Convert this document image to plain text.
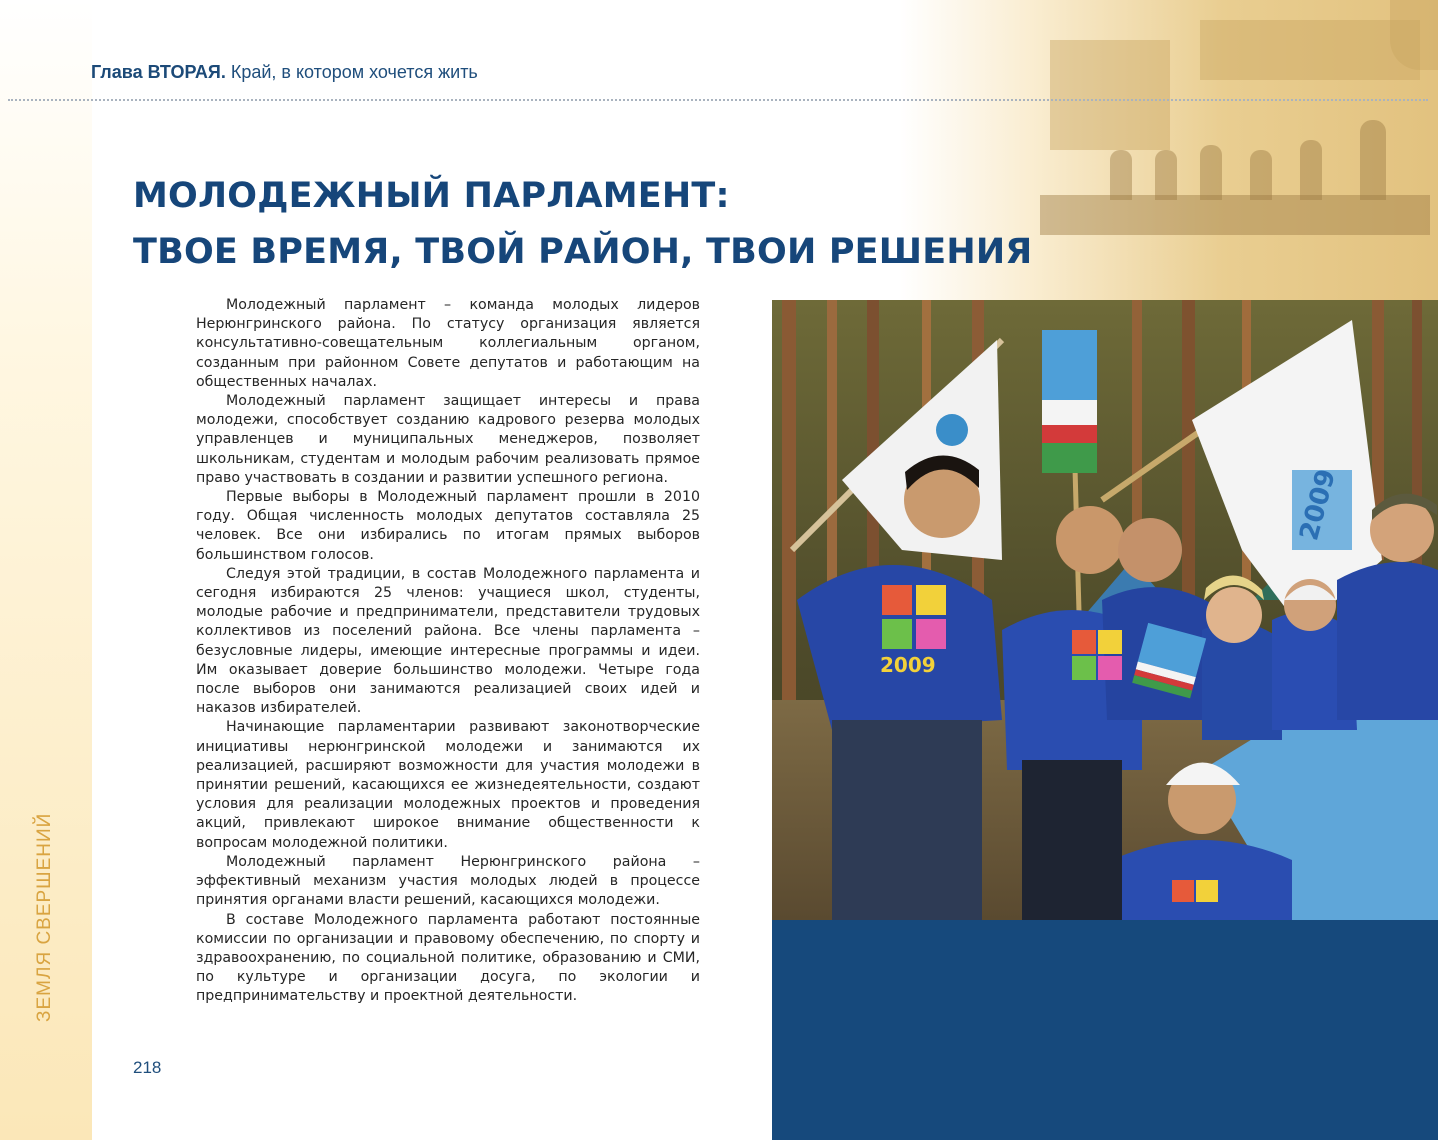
ЗЕМЛЯ СВЕРШЕНИЙ
Глава ВТОРАЯ. Край, в котором хочется жить
МОЛОДЕЖНЫЙ ПАРЛАМЕНТ:
ТВОЕ ВРЕМЯ, ТВОЙ РАЙОН, ТВОИ РЕШЕНИЯ

Молодежный парламент – команда молодых лидеров Нерюнгринского района. По статусу организация является консультативно-совещательным коллегиальным органом, созданным при районном Совете депутатов и работающим на общественных началах.

Молодежный парламент защищает интересы и права молодежи, способствует созданию кадрового резерва молодых управленцев и муниципальных менеджеров, позволяет школьникам, студентам и молодым рабочим реализовать прямое право участвовать в создании и развитии успешного региона.

Первые выборы в Молодежный парламент прошли в 2010 году. Общая численность молодых депутатов составляла 25 человек. Все они избирались по итогам прямых выборов большинством голосов.

Следуя этой традиции, в состав Молодежного парламента и сегодня избираются 25 членов: учащиеся школ, студенты, молодые рабочие и предприниматели, представители трудовых коллективов из поселений района. Все члены парламента – безусловные лидеры, имеющие интересные программы и идеи. Им оказывает доверие большинство молодежи. Четыре года после выборов они занимаются реализацией своих идей и наказов избирателей.

Начинающие парламентарии развивают законотворческие инициативы нерюнгринской молодежи и занимаются их реализацией, расширяют возможности для участия молодежи в принятии решений, касающихся ее жизнедеятельности, создают условия для реализации молодежных проектов и проведения акций, привлекают широкое внимание общественности к вопросам молодежной политики.

Молодежный парламент Нерюнгринского района – эффективный механизм участия молодых людей в процессе принятия органами власти решений, касающихся молодежи.

В составе Молодежного парламента работают постоянные комиссии по организации и правовому обеспечению, по спорту и здравоохранению, по социальной политике, образованию и СМИ, по культуре и организации досуга, по экологии и предпринимательству и проектной деятельности.

218
2009
2009
